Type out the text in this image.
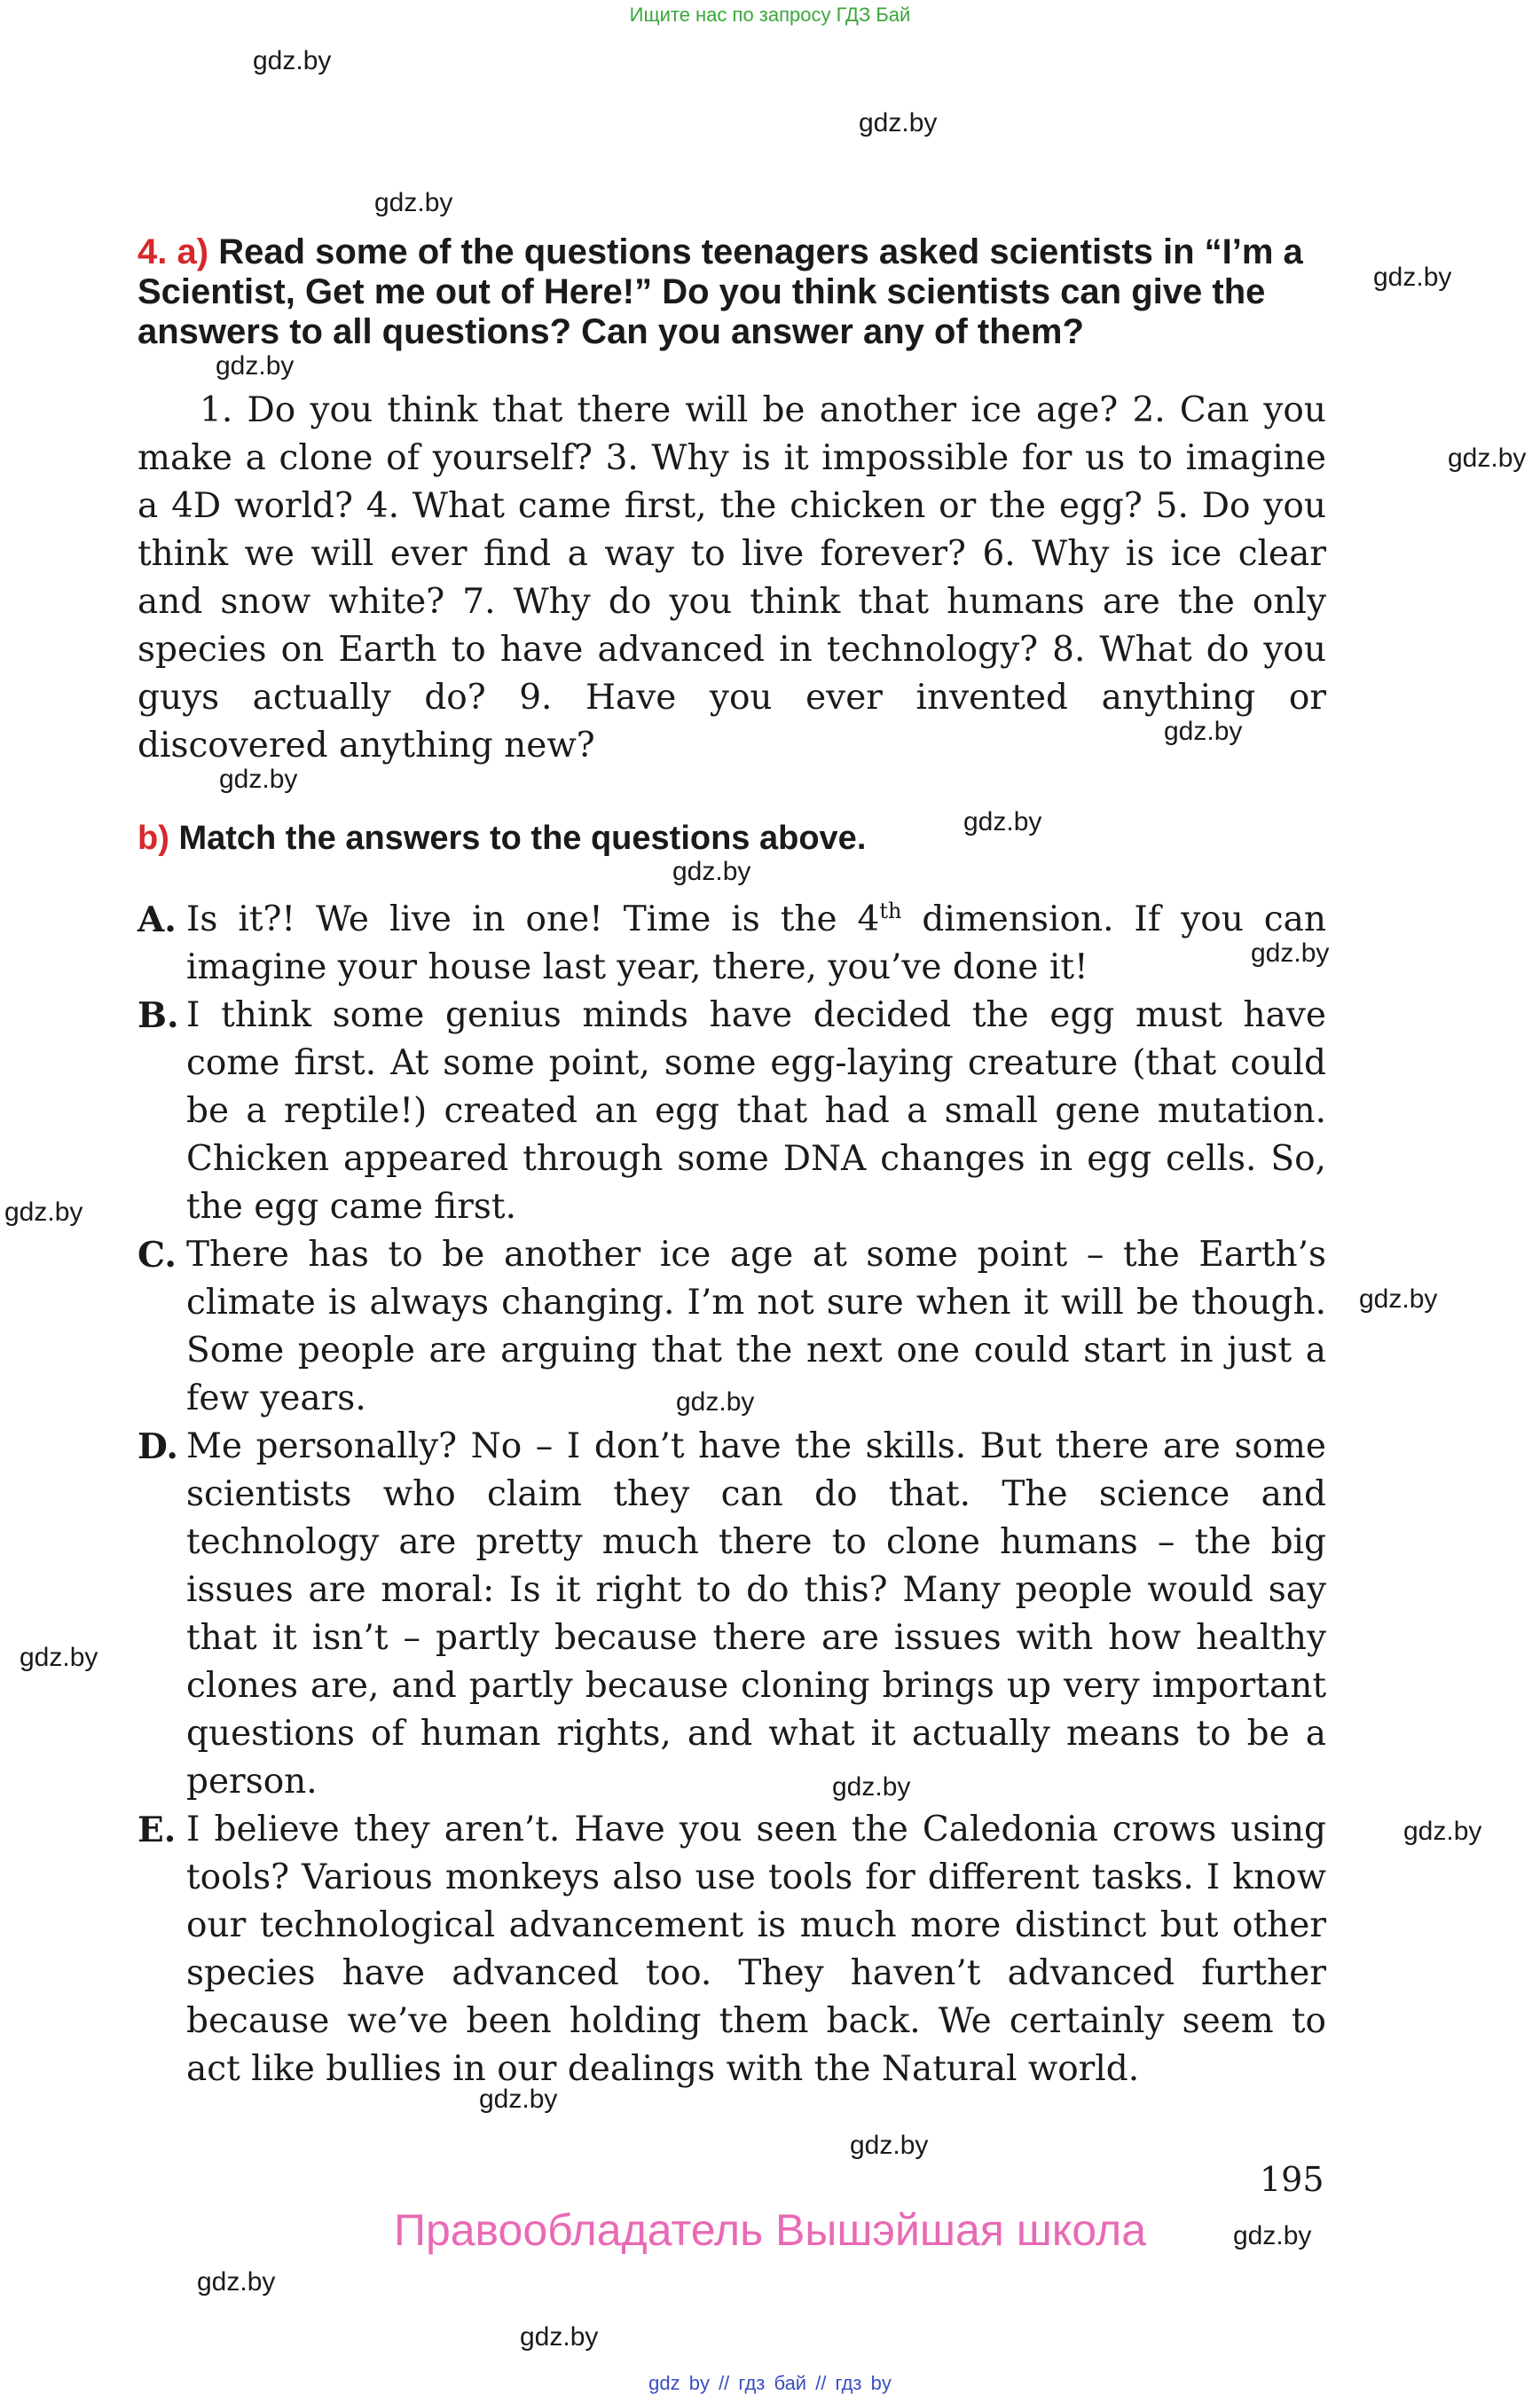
Ищите нас по запросу ГДЗ Бай
gdz.by
gdz.by
gdz.by
gdz.by
gdz.by
gdz.by
gdz.by
gdz.by
gdz.by
gdz.by
gdz.by
gdz.by
gdz.by
gdz.by
gdz.by
gdz.by
gdz.by
gdz.by
gdz.by
gdz.by
gdz.by
gdz.by
4. a) Read some of the questions teenagers asked scientists in “I’m a Scientist, Get me out of Here!” Do you think scientists can give the answers to all questions? Can you answer any of them?
1. Do you think that there will be another ice age? 2. Can you make a clone of yourself? 3. Why is it impossible for us to imagine a 4D world? 4. What came first, the chicken or the egg? 5. Do you think we will ever find a way to live forever? 6. Why is ice clear and snow white? 7. Why do you think that humans are the only species on Earth to have advanced in technology? 8. What do you guys actually do? 9. Have you ever invented anything or discovered anything new?
b) Match the answers to the questions above.

A. Is it?! We live in one! Time is the 4th dimension. If you can imagine your house last year, there, you’ve done it!

B. I think some genius minds have decided the egg must have come first. At some point, some egg-laying creature (that could be a reptile!) created an egg that had a small gene mutation. Chicken appeared through some DNA changes in egg cells. So, the egg came first.

C. There has to be another ice age at some point – the Earth’s climate is always changing. I’m not sure when it will be though. Some people are arguing that the next one could start in just a few years.

D. Me personally? No – I don’t have the skills. But there are some scientists who claim they can do that. The science and technology are pretty much there to clone humans – the big issues are moral: Is it right to do this? Many people would say that it isn’t – partly because there are issues with how healthy clones are, and partly because cloning brings up very important questions of human rights, and what it actually means to be a person.

E. I believe they aren’t. Have you seen the Caledonia crows using tools? Various monkeys also use tools for different tasks. I know our technological advancement is much more distinct but other species have advanced too. They haven’t advanced further because we’ve been holding them back. We certainly seem to act like bullies in our dealings with the Natural world.

195
Правообладатель Вышэйшая школа
gdz by // гдз бай // гдз by
